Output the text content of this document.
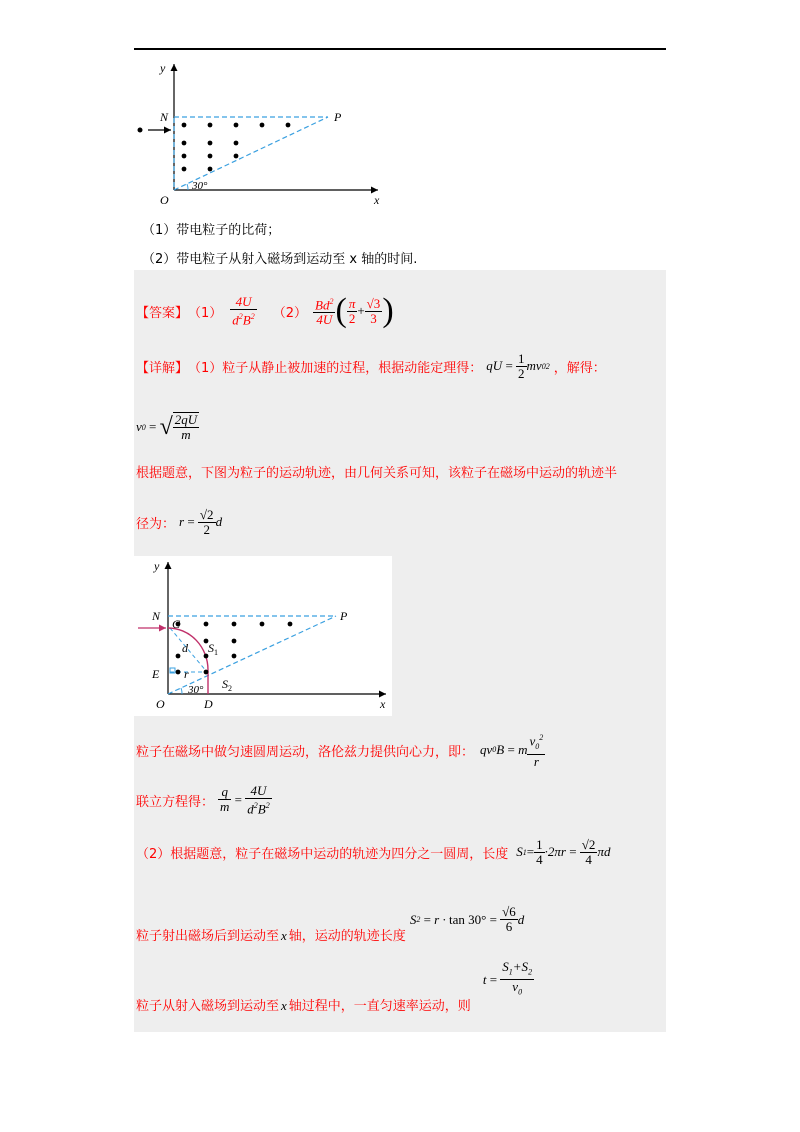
y
x
N	P
O
30°
（1）带电粒子的比荷；
（2）带电粒子从射入磁场到运动至 x 轴的时间.
【答案】 $(1) \frac{4U}{d^2B^2} (2) \frac{Bd^2}{4U}$ ( $\frac{\pi}{2} + \frac{√3}{3}$ )
【详解】 （1）粒子从静止被加速的过程，根据动能定理得： qU =
$\frac{1}{2}$ mv 0 2 ，解得：
v 0
=
√ $\frac{2qU}{m}$
根据题意，下图为粒子的运动轨迹，由几何关系可知，该粒子在磁场中运动的轨迹半
径为： r =
$\frac{√2}{2}$ d
y
x
N	P
C
E
O	D
d
r
$S_1$
$S_2$
30°
粒子在磁场中做匀速圆周运动，洛伦兹力提供向心力，即： qv 0 B = m $\frac{v_0^2}{r}$
联立方程得： $\frac{q}{m}$
=
$\frac{4U}{d^2B^2}$
（2）根据题意，粒子在磁场中运动的轨迹为四分之一圆周，长度 S $1 = \frac{1}{4} \cdot 2\pi r$ =
$\frac{√2}{4}$ πd
粒子射出磁场后到运动至 x 轴，运动的轨迹长度
S 2
= r · tan 30°
=
$\frac{√6}{6}$ d
粒子从射入磁场到运动至 x 轴过程中，一直匀速率运动，则
t =
$\frac{S_1+S_2}{v_0}$
